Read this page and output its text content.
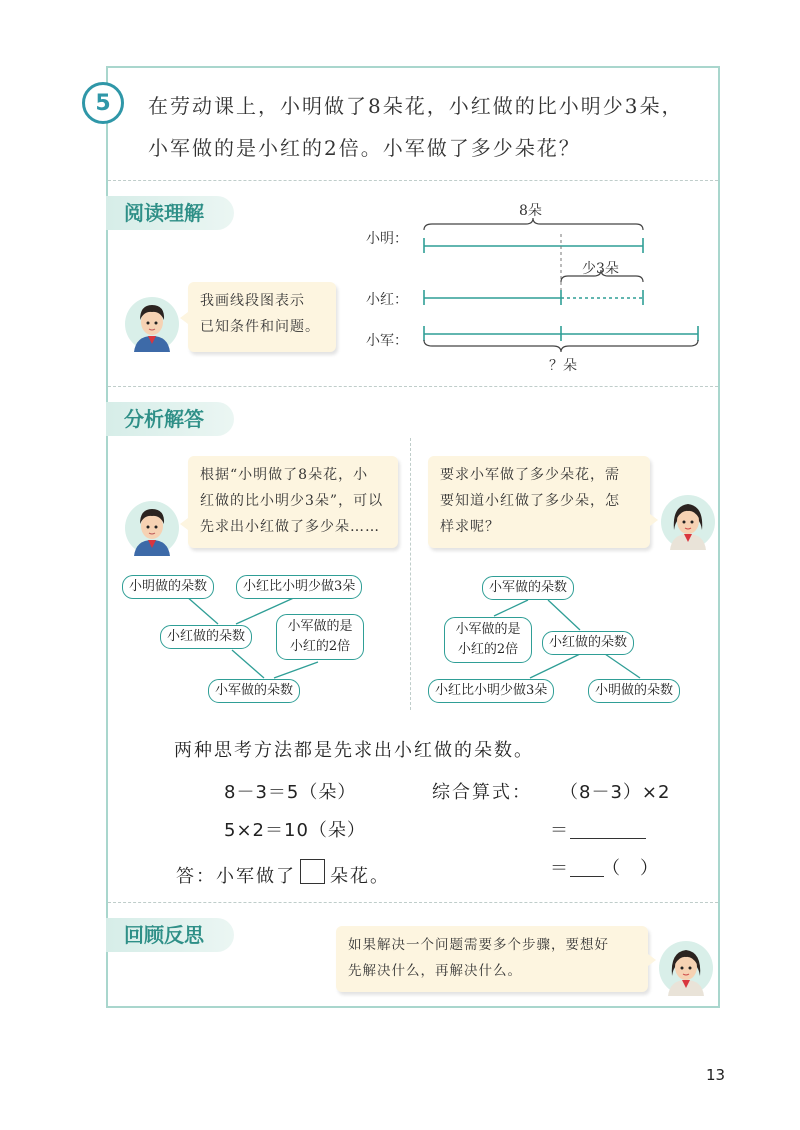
5	在劳动课上，小明做了8朵花，小红做的比小明少3朵，
小军做的是小红的2倍。小军做了多少朵花？
阅读理解
分析解答
回顾反思
8朵
小明：
小红：
小军：
少3朵
？朵
我画线段图表示
已知条件和问题。
根据“小明做了8朵花，小
红做的比小明少3朵”，可以
先求出小红做了多少朵……
要求小军做了多少朵花，需
要知道小红做了多少朵，怎
样求呢？
小明做的朵数	小红比小明少做3朵
小红做的朵数
小军做的是
小红的2倍
小军做的朵数
小军做的朵数
小军做的是
小红的2倍	小红做的朵数
小红比小明少做3朵	小明做的朵数
两种思考方法都是先求出小红做的朵数。
8－3＝5（朵）
5×2＝10（朵）
答：小军做了 朵花。
综合算式： （8－3）×2
＝
＝ （　）
如果解决一个问题需要多个步骤，要想好
先解决什么，再解决什么。
13
